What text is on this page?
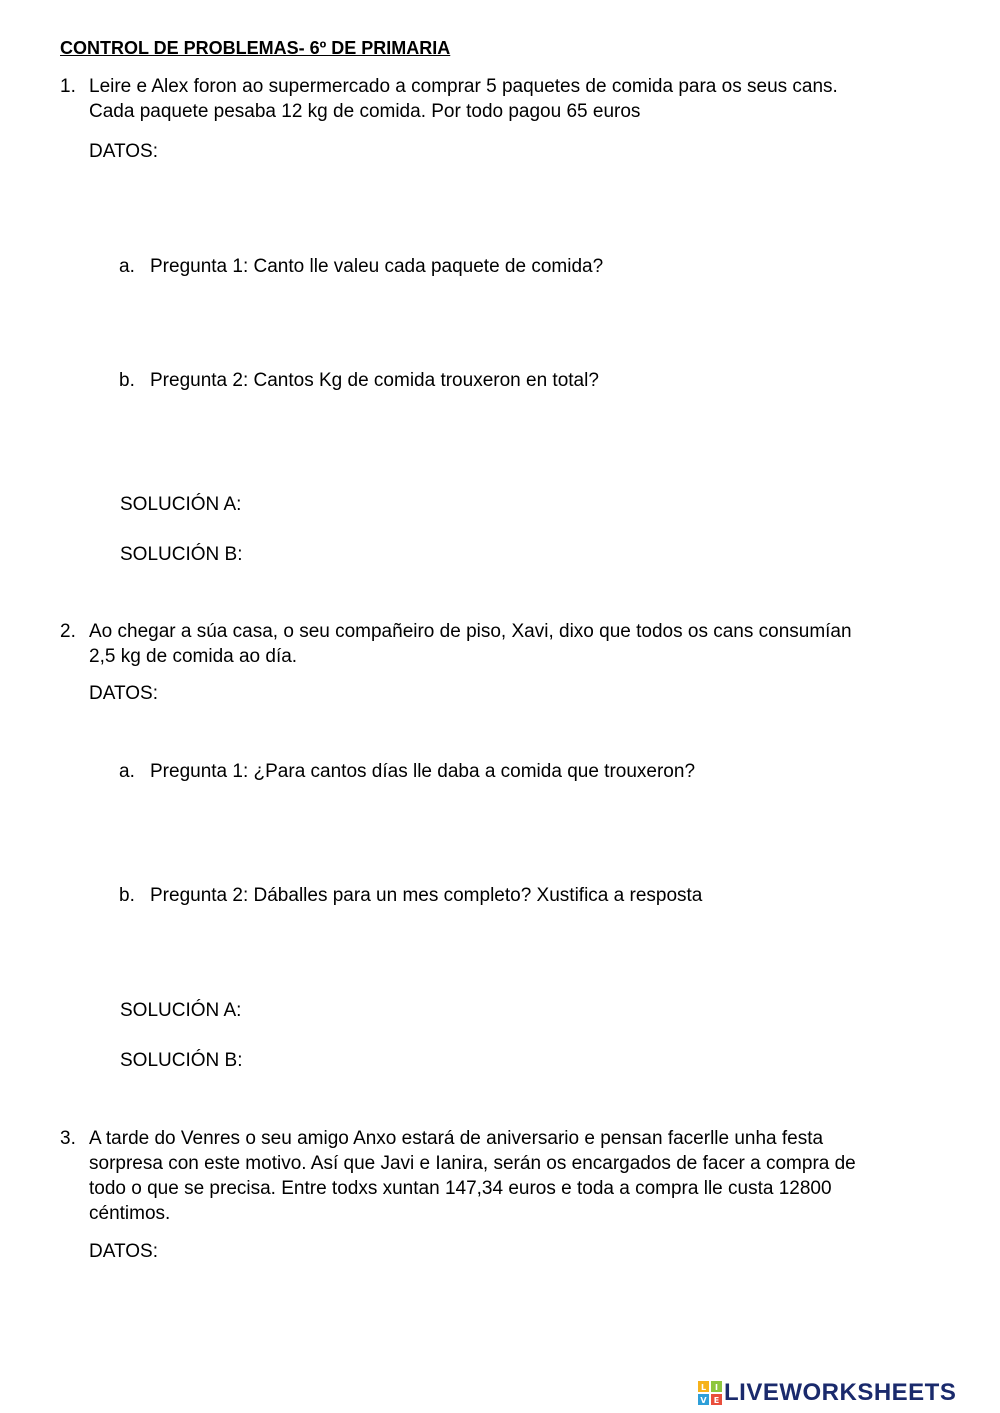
CONTROL DE PROBLEMAS- 6º DE PRIMARIA
1. Leire e Alex foron ao supermercado a comprar 5 paquetes de comida para os seus cans.
Cada paquete pesaba 12 kg de comida. Por todo pagou 65 euros
DATOS:
a. Pregunta 1: Canto lle valeu cada paquete de comida?
b. Pregunta 2: Cantos Kg de comida trouxeron en total?
SOLUCIÓN A:
SOLUCIÓN B:
2. Ao chegar a súa casa, o seu compañeiro de piso, Xavi, dixo que todos os cans consumían
2,5 kg de comida ao día.
DATOS:
a. Pregunta 1: ¿Para cantos días lle daba a comida que trouxeron?
b. Pregunta 2: Dáballes para un mes completo? Xustifica a resposta
SOLUCIÓN A:
SOLUCIÓN B:
3. A tarde do Venres o seu amigo Anxo estará de aniversario e pensan facerlle unha festa
sorpresa con este motivo. Así que Javi e Ianira, serán os encargados de facer a compra de
todo o que se precisa. Entre todxs xuntan 147,34 euros e toda a compra lle custa 12800
céntimos.
DATOS:
L I
V E LIVEWORKSHEETS
